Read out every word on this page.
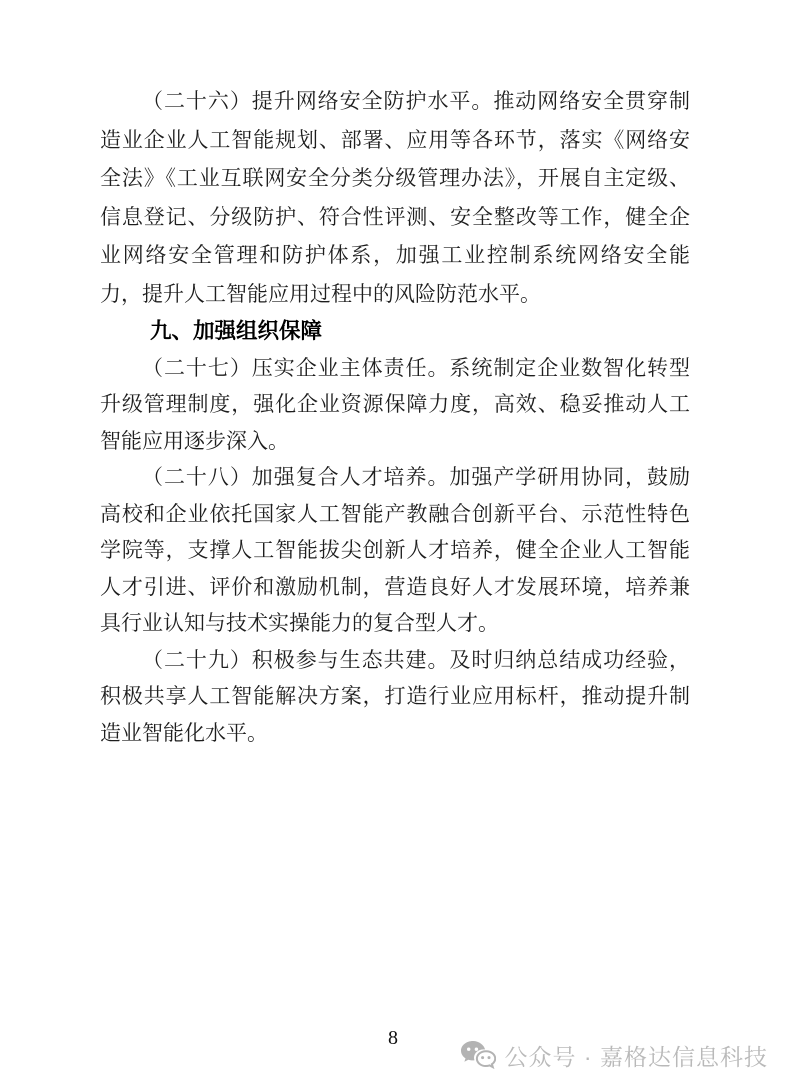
（二十六）提升网络安全防护水平。推动网络安全贯穿制
造业企业人工智能规划、部署、应用等各环节，落实《网络安
全法》《工业互联网安全分类分级管理办法》，开展自主定级、
信息登记、分级防护、符合性评测、安全整改等工作，健全企
业网络安全管理和防护体系，加强工业控制系统网络安全能
力，提升人工智能应用过程中的风险防范水平。

九、加强组织保障

（二十七）压实企业主体责任。系统制定企业数智化转型
升级管理制度，强化企业资源保障力度，高效、稳妥推动人工
智能应用逐步深入。

（二十八）加强复合人才培养。加强产学研用协同，鼓励
高校和企业依托国家人工智能产教融合创新平台、示范性特色
学院等，支撑人工智能拔尖创新人才培养，健全企业人工智能
人才引进、评价和激励机制，营造良好人才发展环境，培养兼
具行业认知与技术实操能力的复合型人才。

（二十九）积极参与生态共建。及时归纳总结成功经验，
积极共享人工智能解决方案，打造行业应用标杆，推动提升制
造业智能化水平。

8
公众号 · 嘉格达信息科技
